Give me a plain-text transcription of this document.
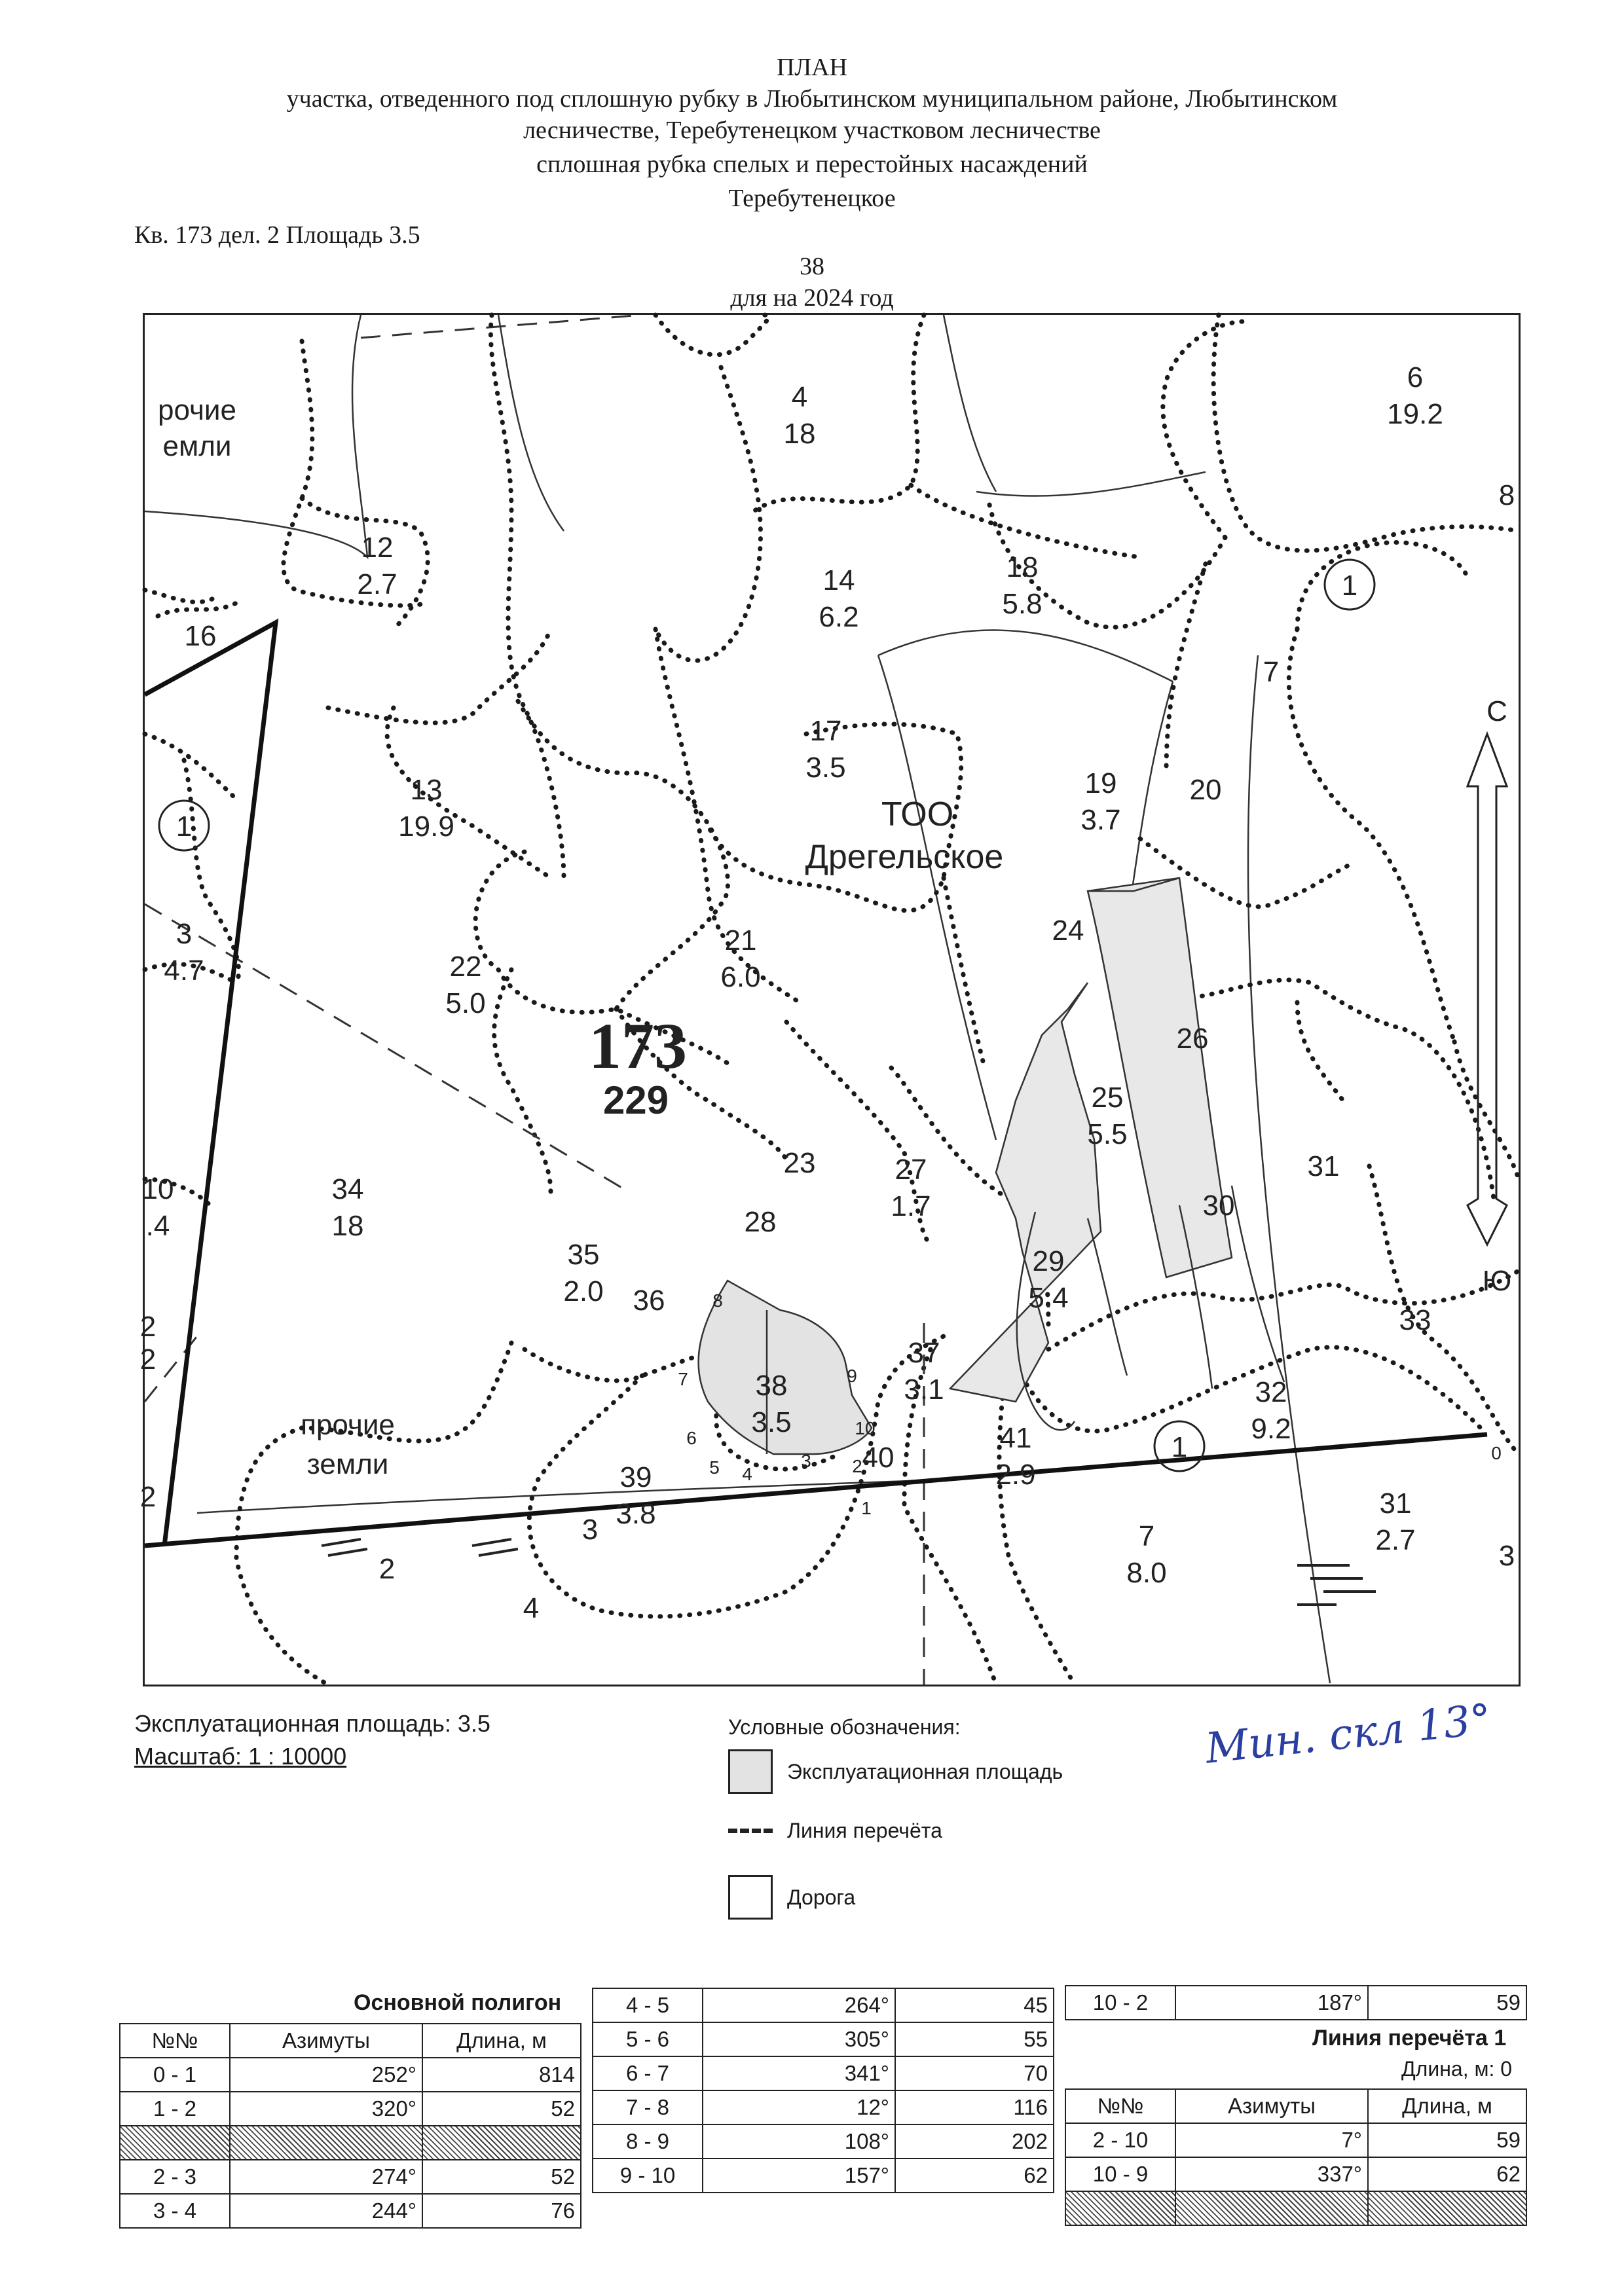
ПЛАН
участка, отведенного под сплошную рубку в Любытинском муниципальном районе, Любытинском
лесничестве, Теребутенецком участковом лесничестве
сплошная рубка спелых и перестойных насаждений
Теребутенецкое
Кв. 173 дел. 2 Площадь 3.5
38
для на 2024 год
рочие
емли
прочие
земли
ТОО
Дрегельское
173
229
С
Ю
1
1
1
4
18
6
19.2
12
2.7	14
6.2
18
5.8
13
19.9
17
3.5	19
3.7
21
6.0
22
5.0
3
4.7
25
5.5
34
18
27
1.7
35
2.0
29
5.4
37
3.1
38
3.5
32
9.2
39
3.8
41
2.9
31
2.7
7
8.0
10
.4
16
8
7
20
24
26
23
28
31
30
36
33
40
3
2
4
3
2
2
2
0
1
2
3
4
5
6
7
8
9
10
Эксплуатационная площадь: 3.5
Масштаб: 1 : 10000	Мин. скл 13°
Условные обозначения:
Эксплуатационная площадь
Линия перечёта
Дорога
Основной полигон
№№	Азимуты	Длина, м
0 - 1	252°	814
1 - 2	320°	52

2 - 3	274°	52
3 - 4	244°	76
4 - 5	264°	45
5 - 6	305°	55
6 - 7	341°	70
7 - 8	12°	116
8 - 9	108°	202
9 - 10	157°	62
10 - 2	187°	59
Линия перечёта 1
Длина, м: 0
№№	Азимуты	Длина, м
2 - 10	7°	59
10 - 9	337°	62
